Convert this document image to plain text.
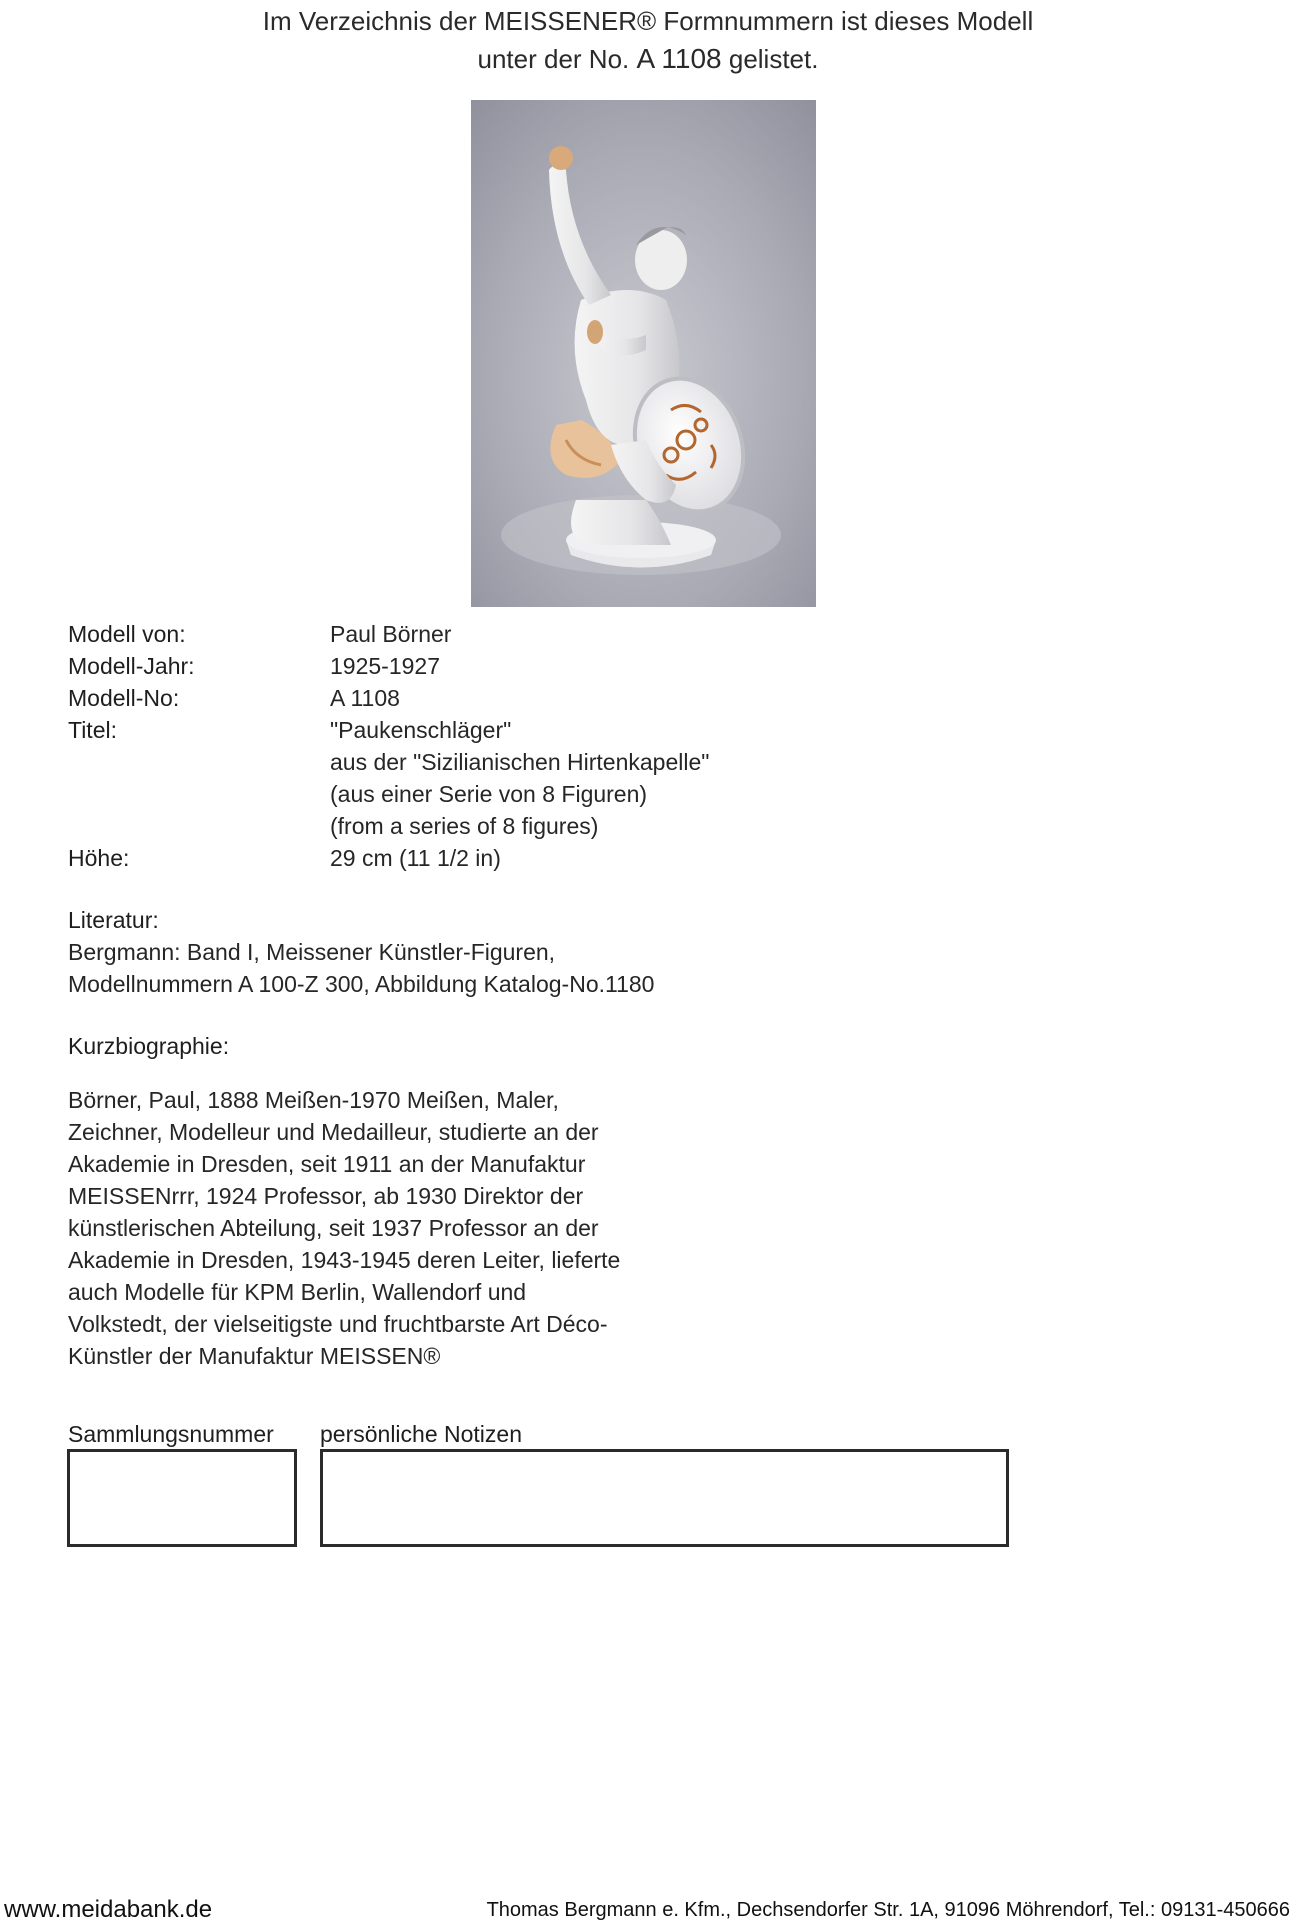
Im Verzeichnis der MEISSENER® Formnummern ist dieses Modell
unter der No. A 1108 gelistet.
Modell von:	Paul Börner
Modell-Jahr:	1925-1927
Modell-No:	A 1108
Titel:	"Paukenschläger"
aus der "Sizilianischen Hirtenkapelle"
(aus einer Serie von 8 Figuren)
(from a series of 8 figures)
Höhe:	29 cm (11 1/2 in)
Literatur:
Bergmann: Band I, Meissener Künstler-Figuren,
Modellnummern A 100-Z 300, Abbildung Katalog-No.1180
Kurzbiographie:
Börner, Paul, 1888 Meißen-1970 Meißen, Maler,
Zeichner, Modelleur und Medailleur, studierte an der
Akademie in Dresden, seit 1911 an der Manufaktur
MEISSENrrr, 1924 Professor, ab 1930 Direktor der
künstlerischen Abteilung, seit 1937 Professor an der
Akademie in Dresden, 1943-1945 deren Leiter, lieferte
auch Modelle für KPM Berlin, Wallendorf und
Volkstedt, der vielseitigste und fruchtbarste Art Déco-
Künstler der Manufaktur MEISSEN®
Sammlungsnummer persönliche Notizen
www.meidabank.de	Thomas Bergmann e. Kfm., Dechsendorfer Str. 1A, 91096 Möhrendorf, Tel.: 09131-450666
